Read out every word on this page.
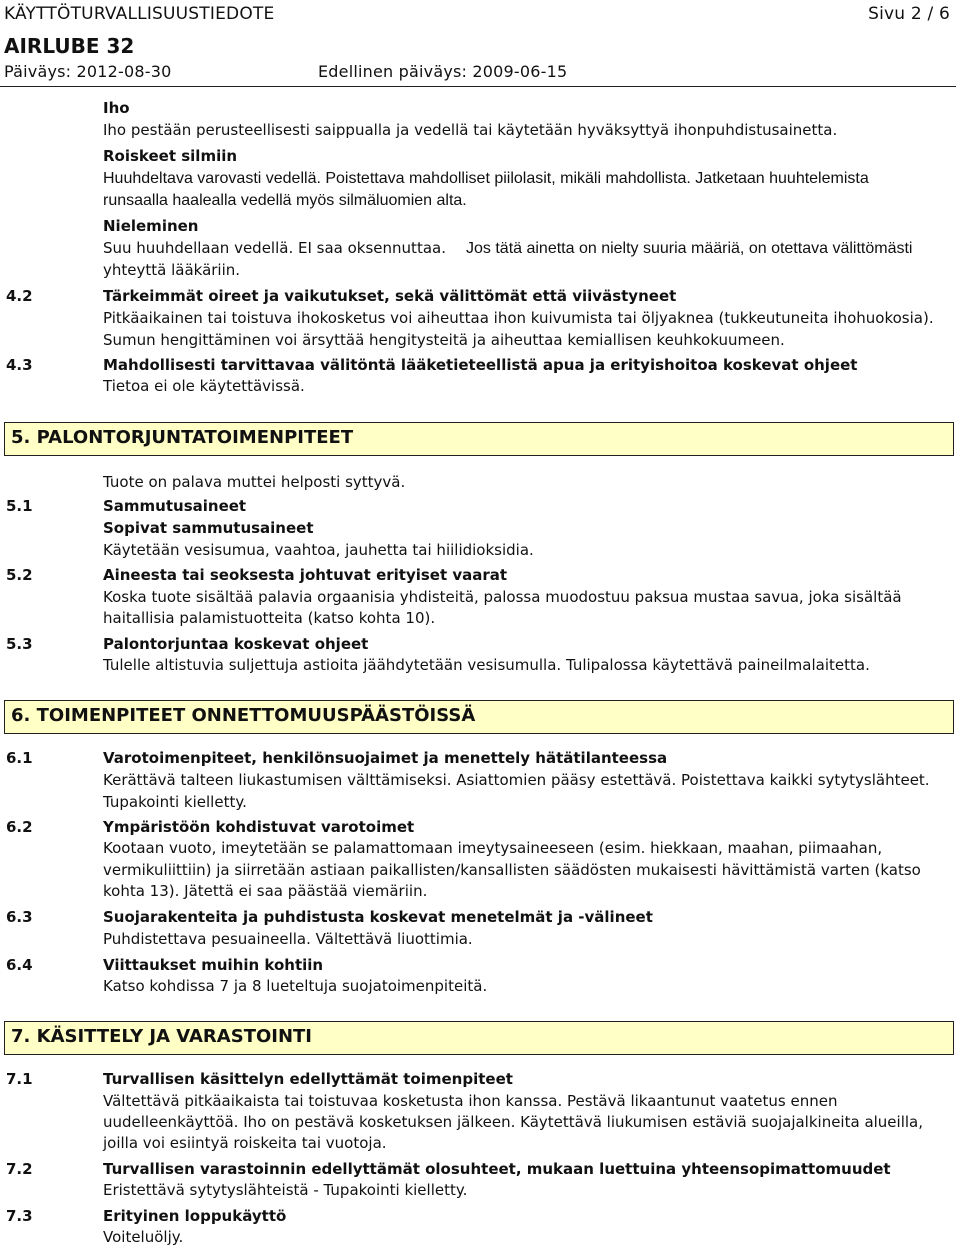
KÄYTTÖTURVALLISUUSTIEDOTE	Sivu 2 / 6
AIRLUBE 32
Päiväys: 2012-08-30	Edellinen päiväys: 2009-06-15
Iho
Iho pestään perusteellisesti saippualla ja vedellä tai käytetään hyväksyttyä ihonpuhdistusainetta.
Roiskeet silmiin
Huuhdeltava varovasti vedellä. Poistettava mahdolliset piilolasit, mikäli mahdollista. Jatketaan huuhtelemista
runsaalla haalealla vedellä myös silmäluomien alta.
Nieleminen
Suu huuhdellaan vedellä. EI saa oksennuttaa. Jos tätä ainetta on nielty suuria määriä, on otettava välittömästi
yhteyttä lääkäriin.
4.2	Tärkeimmät oireet ja vaikutukset, sekä välittömät että viivästyneet
Pitkäaikainen tai toistuva ihokosketus voi aiheuttaa ihon kuivumista tai öljyaknea (tukkeutuneita ihohuokosia).
Sumun hengittäminen voi ärsyttää hengitysteitä ja aiheuttaa kemiallisen keuhkokuumeen.
4.3	Mahdollisesti tarvittavaa välitöntä lääketieteellistä apua ja erityishoitoa koskevat ohjeet
Tietoa ei ole käytettävissä.
5. PALONTORJUNTATOIMENPITEET
Tuote on palava muttei helposti syttyvä.
5.1	Sammutusaineet
Sopivat sammutusaineet
Käytetään vesisumua, vaahtoa, jauhetta tai hiilidioksidia.
5.2	Aineesta tai seoksesta johtuvat erityiset vaarat
Koska tuote sisältää palavia orgaanisia yhdisteitä, palossa muodostuu paksua mustaa savua, joka sisältää
haitallisia palamistuotteita (katso kohta 10).
5.3	Palontorjuntaa koskevat ohjeet
Tulelle altistuvia suljettuja astioita jäähdytetään vesisumulla. Tulipalossa käytettävä paineilmalaitetta.
6. TOIMENPITEET ONNETTOMUUSPÄÄSTÖISSÄ
6.1	Varotoimenpiteet, henkilönsuojaimet ja menettely hätätilanteessa
Kerättävä talteen liukastumisen välttämiseksi. Asiattomien pääsy estettävä. Poistettava kaikki sytytyslähteet.
Tupakointi kielletty.
6.2	Ympäristöön kohdistuvat varotoimet
Kootaan vuoto, imeytetään se palamattomaan imeytysaineeseen (esim. hiekkaan, maahan, piimaahan,
vermikuliittiin) ja siirretään astiaan paikallisten/kansallisten säädösten mukaisesti hävittämistä varten (katso
kohta 13). Jätettä ei saa päästää viemäriin.
6.3	Suojarakenteita ja puhdistusta koskevat menetelmät ja -välineet
Puhdistettava pesuaineella. Vältettävä liuottimia.
6.4	Viittaukset muihin kohtiin
Katso kohdissa 7 ja 8 lueteltuja suojatoimenpiteitä.
7. KÄSITTELY JA VARASTOINTI
7.1	Turvallisen käsittelyn edellyttämät toimenpiteet
Vältettävä pitkäaikaista tai toistuvaa kosketusta ihon kanssa. Pestävä likaantunut vaatetus ennen
uudelleenkäyttöä. Iho on pestävä kosketuksen jälkeen. Käytettävä liukumisen estäviä suojajalkineita alueilla,
joilla voi esiintyä roiskeita tai vuotoja.
7.2	Turvallisen varastoinnin edellyttämät olosuhteet, mukaan luettuina yhteensopimattomuudet
Eristettävä sytytyslähteistä - Tupakointi kielletty.
7.3	Erityinen loppukäyttö
Voiteluöljy.
